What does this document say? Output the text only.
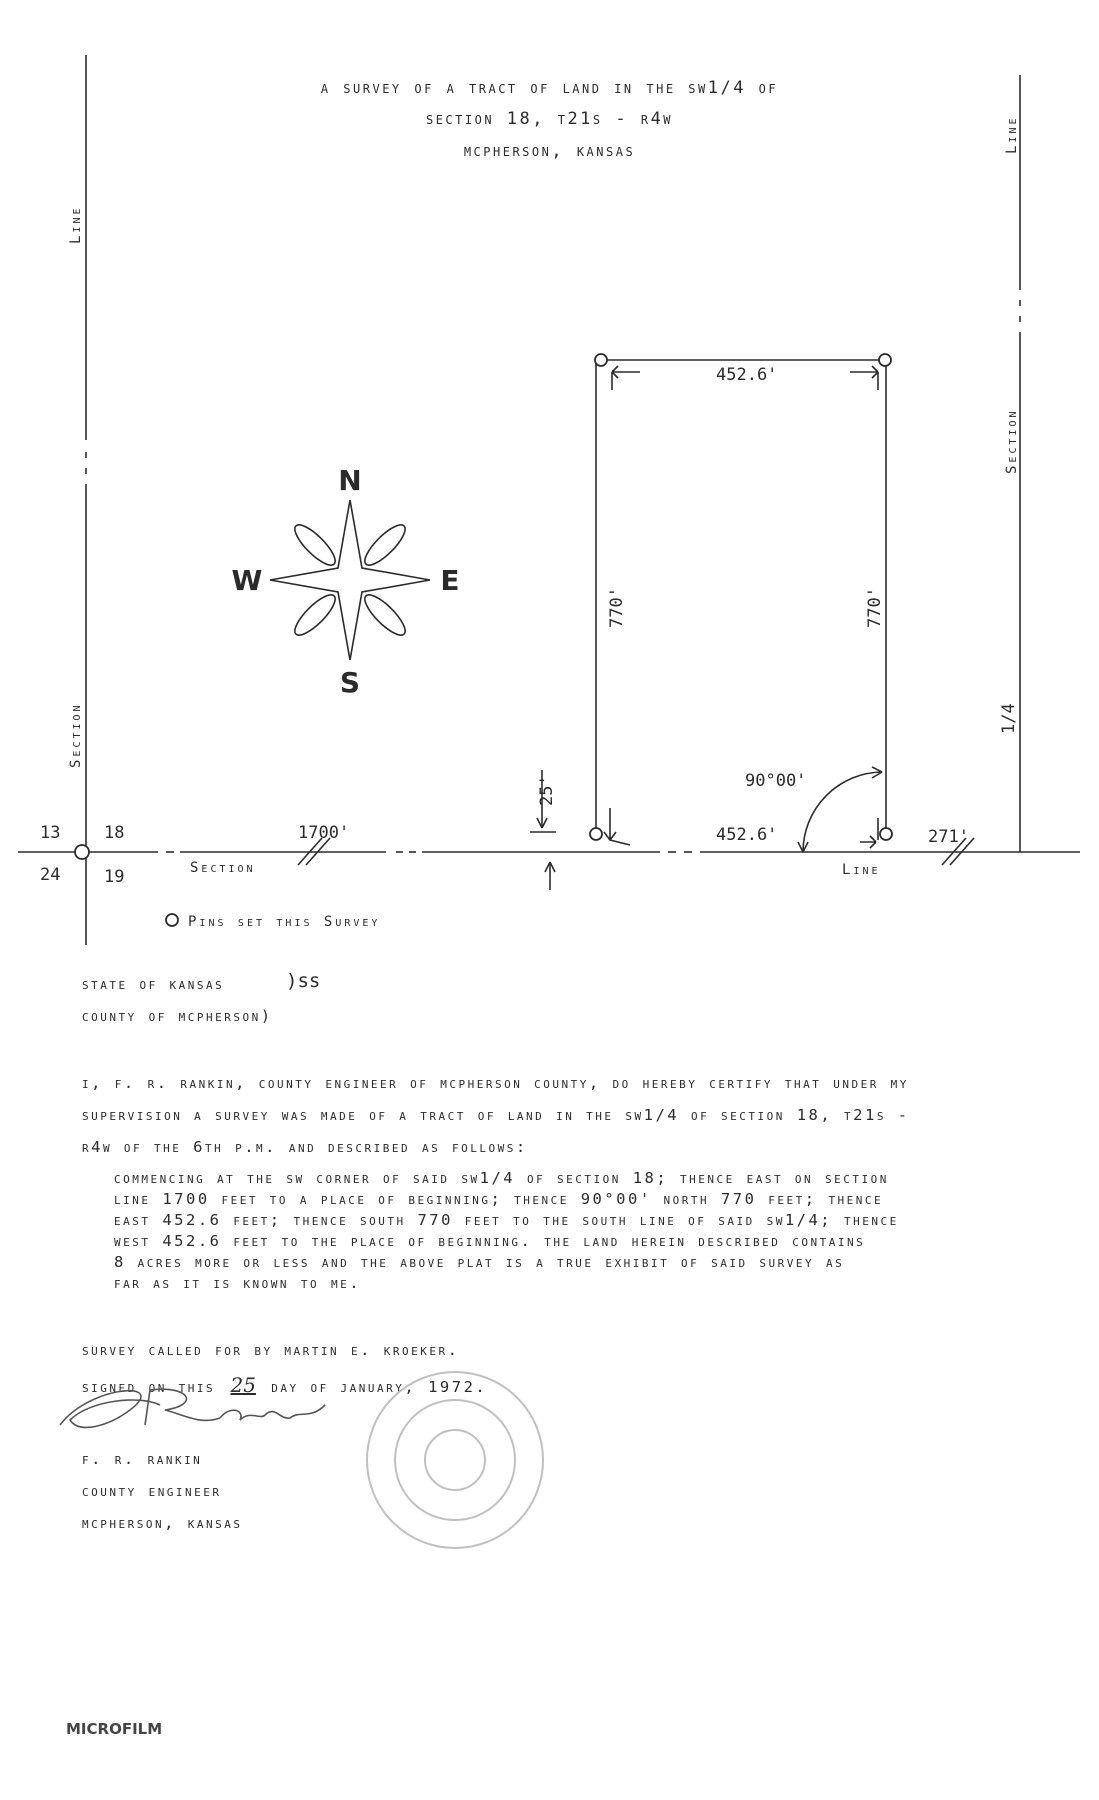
a survey of a tract of land in the sw1/4 of
section 18, t21s - r4w
mcpherson, kansas
N
S
E
W
452.6'
452.6'
90°00'
1700'	271'
13	18
24	19
770'	770'
25'
1/4
Line
Section
Line
Section
Section	Line
Pins set this Survey
state of kansas	)ss
county of mcpherson)
i, f. r. rankin, county engineer of mcpherson county, do hereby certify that under my
supervision a survey was made of a tract of land in the sw1/4 of section 18, t21s -
r4w of the 6th p.m. and described as follows:
commencing at the sw corner of said sw1/4 of section 18; thence east on section
line 1700 feet to a place of beginning; thence 90°00' north 770 feet; thence
east 452.6 feet; thence south 770 feet to the south line of said sw1/4; thence
west 452.6 feet to the place of beginning. the land herein described contains
8 acres more or less and the above plat is a true exhibit of said survey as
far as it is known to me.
survey called for by martin e. kroeker.
signed on this 25 day of january, 1972.
f. r. rankin
county engineer
mcpherson, kansas
MICROFILM
